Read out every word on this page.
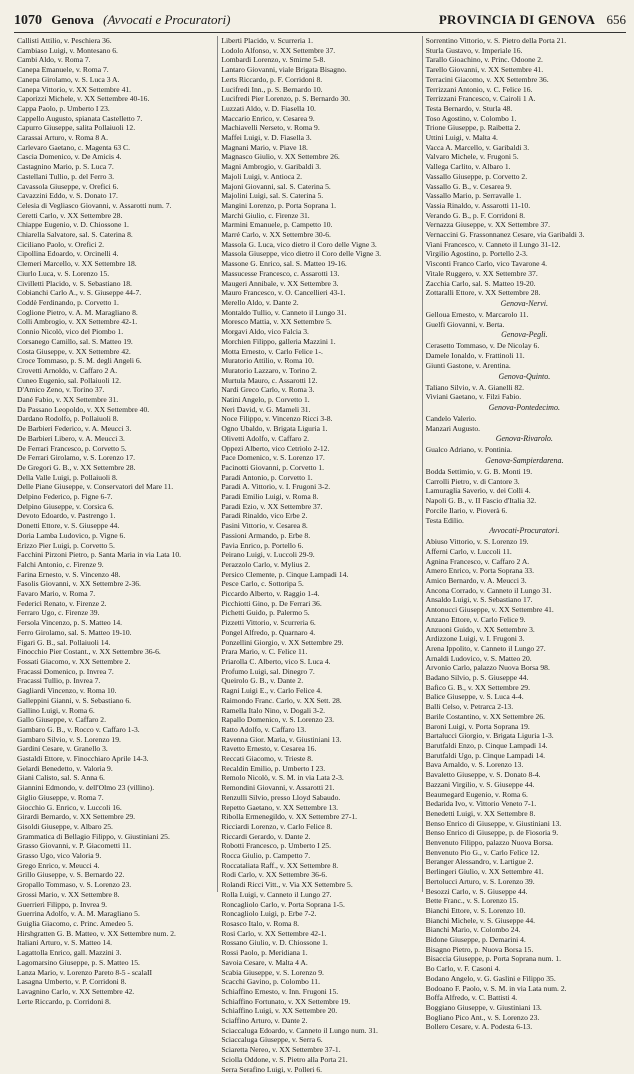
1070 Genova (Avvocati e Procuratori)	PROVINCIA DI GENOVA 656
Callisti Attilio, v. Peschiera 36.
Cambiaso Luigi, v. Montesano 6.
Cambi Aldo, v. Roma 7.
Canepa Emanuele, v. Roma 7.
Canepa Girolamo, v. S. Luca 3 A.
Canepa Vittorio, v. XX Settembre 41.
Caporizzi Michele, v. XX Settembre 40-16.
Cappa Paolo, p. Umberto I 23.
Cappello Augusto, spianata Castelletto 7.
Capurro Giuseppe, salita Pollaiuoli 12.
Carassai Arturo, v. Roma 8 A.
Carlevaro Gaetano, c. Magenta 63 C.
Cascia Domenico, v. De Amicis 4.
Castagnino Mario, p. S. Luca 7.
Castellani Tullio, p. del Ferro 3.
Cavassola Giuseppe, v. Orefici 6.
Cavazzini Eddo, v. S. Donato 17.
Celesia di Vegliasco Giovanni, v. Assarotti num. 7.
Ceretti Carlo, v. XX Settembre 28.
Chiappe Eugenio, v. D. Chiossone 1.
Chiarella Salvatore, sal. S. Caterina 8.
Ciciliano Paolo, v. Orefici 2.
Cipollina Edoardo, v. Orcinelli 4.
Clemeri Marcello, v. XX Settembre 18.
Ciurlo Luca, v. S. Lorenzo 15.
Civilletti Placido, v. S. Sebastiano 18.
Cobianchi Carlo A., v. S. Giuseppe 44-7.
Coddè Ferdinando, p. Corvetto 1.
Coglione Pietro, v. A. M. Maragliano 8.
Colli Ambrogio, v. XX Settembre 42-1.
Connio Nicolò, vico del Piombo 1.
Corsanego Camillo, sal. S. Matteo 19.
Costa Giuseppe, v. XX Settembre 42.
Croce Tommaso, p. S. M. degli Angeli 6.
Crovetti Arnoldo, v. Caffaro 2 A.
Cuneo Eugenio, sal. Pollaiuoli 12.
D'Amico Zeno, v. Torino 37.
Dané Fabio, v. XX Settembre 31.
Da Passano Leopoldo, v. XX Settembre 40.
Dardano Rodolfo, p. Pollaiuoli 8.
De Barbieri Federico, v. A. Meucci 3.
De Barbieri Libero, v. A. Meucci 3.
De Ferrari Francesco, p. Corvetto 5.
De Ferrari Girolamo, v. S. Lorenzo 17.
De Gregori G. B., v. XX Settembre 28.
Della Valle Luigi, p. Pollaiuoli 8.
Delle Piane Giuseppe, v. Conservatori del Mare 11.
Delpino Federico, p. Figne 6-7.
Delpino Giuseppe, v. Corsica 6.
Devoto Edoardo, v. Pastrengo 1.
Donetti Ettore, v. S. Giuseppe 44.
Doria Lamba Ludovico, p. Vigne 6.
Erizzo Pier Luigi, p. Corvetto 5.
Facchini Pirzoni Pietro, p. Santa Maria in via Lata 10.
Falchi Antonio, c. Firenze 9.
Farina Ernesto, v. S. Vincenzo 48.
Fasolis Giovanni, v. XX Settembre 2-36.
Favaro Mario, v. Roma 7.
Federici Renato, v. Firenze 2.
Ferraro Ugo, c. Firenze 39.
Fersola Vincenzo, p. S. Matteo 14.
Ferro Girolamo, sal. S. Matteo 19-10.
Figari G. B., sal. Pollaiuoli 14.
Finocchio Pier Costant., v. XX Settembre 36-6.
Fossati Giacomo, v. XX Settembre 2.
Fracassi Domenico, p. Invrea 7.
Fracassi Tullio, p. Invrea 7.
Gagliardi Vincenzo, v. Roma 10.
Galleppini Gianni, v. S. Sebastiano 6.
Gallino Luigi, v. Roma 6.
Gallo Giuseppe, v. Caffaro 2.
Gambaro G. B., v. Rocco v. Caffaro 1-3.
Gambaro Silvio, v. S. Lorenzo 19.
Gardini Cesare, v. Granello 3.
Gastaldi Ettore, v. Finocchiaro Aprile 14-3.
Gelardi Benedetto, v. Valoria 9.
Giani Calisto, sal. S. Anna 6.
Giannini Edmondo, v. dell'Olmo 23 (villino).
Giglio Giuseppe, v. Roma 7.
Giocchio G. Enrico, v. Luccoli 16.
Girardi Bernardo, v. XX Settembre 29.
Gisoldi Giuseppe, v. Albaro 25.
Grammatica di Bellagio Filippo, v. Giustiniani 25.
Grasso Giovanni, v. P. Giacometti 11.
Grasso Ugo, vico Valoria 9.
Grego Enrico, v. Meucci 4.
Grillo Giuseppe, v. S. Bernardo 22.
Gropallo Tommaso, v. S. Lorenzo 23.
Grossi Mario, v. XX Settembre 8.
Guerrieri Filippo, p. Invrea 9.
Guerrina Adolfo, v. A. M. Maragliano 5.
Guiglia Giacomo, c. Princ. Amedeo 5.
Hirshgratten G. B. Matteo, v. XX Settembre num. 2.
Italiani Arturo, v. S. Matteo 14.
Lagattolla Enrico, gall. Mazzini 3.
Lagomarsino Giuseppe, p. S. Matteo 15.
Lanza Mario, v. Lorenzo Pareto 8-5 - scalaII
Lasagna Umberto, v. P. Corridoni 8.
Lavagnino Carlo, v. XX Settembre 42.
Lerte Riccardo, p. Corridoni 8.
Liberti Placido, v. Scurreria 1.
Lodolo Alfonso, v. XX Settembre 37.
Lombardi Lorenzo, v. Smirne 5-8.
Lantaro Giovanni, viale Brigata Bisagno.
Lerts Riccardo, p. F. Corridoni 8.
Lucifredi Inn., p. S. Bernardo 10.
Lucifredi Pier Lorenzo, p. S. Bernardo 30.
Luzzati Aldo, v. D. Fiasella 10.
Maccario Enrico, v. Cesarea 9.
Machiavelli Nerseto, v. Roma 9.
Maffei Luigi, v. D. Fiasella 3.
Magnani Mario, v. Piave 18.
Magnasco Giulio, v. XX Settembre 26.
Magni Ambrogio, v. Garibaldi 3.
Majoli Luigi, v. Antioca 2.
Majoni Giovanni, sal. S. Caterina 5.
Majolini Luigi, sal. S. Caterina 5.
Mangini Lorenzo, p. Porta Soprana 1.
Marchi Giulio, c. Firenze 31.
Marmini Emanuele, p. Campetto 10.
Marré Carlo, v. XX Settembre 30-6.
Massola G. Luca, vico dietro il Coro delle Vigne 3.
Massola Giuseppe, vico dietro il Coro delle Vigne 3.
Massone G. Enrico, sal. S. Matteo 19-16.
Massucesse Francesco, c. Assarotti 13.
Maugeri Annibale, v. XX Settembre 3.
Mauro Francesco, v. O. Cancellieri 43-1.
Merello Aldo, v. Dante 2.
Montaldo Tullio, v. Canneto il Lungo 31.
Moresco Mattia, v. XX Settembre 5.
Morgavi Aldo, vico Falcia 3.
Morchien Filippo, galleria Mazzini 1.
Motta Ernesto, v. Carlo Felice 1-.
Muratorio Attilio, v. Roma 10.
Muratorio Lazzaro, v. Torino 2.
Murtula Mauro, c. Assarotti 12.
Nardi Greco Carlo, v. Roma 3.
Natini Angelo, p. Corvetto 1.
Neri David, v. G. Mameli 31.
Noce Filippo, v. Vincenzo Ricci 3-8.
Ogno Ubaldo, v. Brigata Liguria 1.
Olivetti Adolfo, v. Caffaro 2.
Oppezi Alberto, vico Cetriolo 2-12.
Pace Domenico, v. S. Lorenzo 17.
Pacinotti Giovanni, p. Corvetto 1.
Paradi Antonio, p. Corvetto 1.
Paradi A. Vittorio, v. I. Frugoni 3-2.
Paradi Emilio Luigi, v. Roma 8.
Paradi Ezio, v. XX Settembre 37.
Paradi Rinaldo, vico Erbe 2.
Pasini Vittorio, v. Cesarea 8.
Passioni Armando, p. Erbe 8.
Pavia Enrico, p. Portello 6.
Peirano Luigi, v. Luccoli 29-9.
Perazzolo Carlo, v. Mylius 2.
Persico Clemente, p. Cinque Lampadi 14.
Pesce Carlo, c. Sottoripa 5.
Piccardo Alberto, v. Raggio 1-4.
Picchiotti Gino, p. De Ferrari 36.
Pichetti Guido, p. Palermo 5.
Pizzetti Vittorio, v. Scurreria 6.
Pongel Alfredo, p. Quarnaro 4.
Ponzellini Giorgio, v. XX Settembre 29.
Prara Mario, v. C. Felice 11.
Priarolla C. Alberto, vico S. Luca 4.
Profumo Luigi, sal. Dinegro 7.
Queirolo G. B., v. Dante 2.
Ragni Luigi E., v. Carlo Felice 4.
Raimondo Franc. Carlo, v. XX Sett. 28.
Ramella Italo Nino, v. Dogali 3-2.
Rapallo Domenico, v. S. Lorenzo 23.
Ratto Adolfo, v. Caffaro 13.
Ravenna Gior. Maria, v. Giustiniani 13.
Ravetto Ernesto, v. Cesarea 16.
Reccati Giacomo, v. Trieste 8.
Recaldin Emilio, p. Umberto I 23.
Remolo Nicolò, v. S. M. in via Lata 2-3.
Remondini Giovanni, v. Assarotti 21.
Renzulli Silvio, presso Lloyd Sabaudo.
Repetto Gaetano, v. XX Settembre 13.
Ribolla Ermenegildo, v. XX Settembre 27-1.
Ricciardi Lorenzo, v. Carlo Felice 8.
Riccardi Gerardo, v. Dante 2.
Robotti Francesco, p. Umberto I 25.
Rocca Giulio, p. Campetto 7.
Roccataliata Raff., v. XX Settembre 8.
Rodi Carlo, v. XX Settembre 36-6.
Rolandi Ricci Vitt., v. Via XX Settembre 5.
Rolla Luigi, v. Canneto il Lungo 27.
Roncagliolo Carlo, v. Porta Soprana 1-5.
Roncagliolo Luigi, p. Erbe 7-2.
Rosasco Italo, v. Roma 8.
Rosi Carlo, v. XX Settembre 42-1.
Rossano Giulio, v. D. Chiossone 1.
Rossi Paolo, p. Meridiana 1.
Savoia Cesare, v. Malta 4 A.
Scabia Giuseppe, v. S. Lorenzo 9.
Scacchi Gavino, p. Colombo 11.
Schiaffino Ernesto, v. Inn. Frugoni 15.
Schiaffino Fortunato, v. XX Settembre 19.
Schiaffino Luigi, v. XX Settembre 20.
Sciaffino Arturo, v. Dante 2.
Sciaccaluga Edoardo, v. Canneto il Lungo num. 31.
Sciaccaluga Giuseppe, v. Serra 6.
Sciaretta Nereo, v. XX Settembre 37-1.
Sciolla Oddone, v. S. Pietro alla Porta 21.
Serra Serafino Luigi, v. Polleri 6.
Sorrentino Vittorio, v. S. Pietro della Porta 21.
Sturla Gustavo, v. Imperiale 16.
Tarallo Gioachino, v. Princ. Odoone 2.
Tarello Giovanni, v. XX Settembre 41.
Terracini Giacomo, v. XX Settembre 36.
Terrizzani Antonio, v. C. Felice 16.
Terrizzani Francesco, v. Cairoli 1 A.
Testa Bernardo, v. Sturla 48.
Toso Agostino, v. Colombo 1.
Trione Giuseppe, p. Raibetta 2.
Uttini Luigi, v. Malta 4.
Vacca A. Marcello, v. Garibaldi 3.
Valvaro Michele, v. Frugoni 5.
Vallega Carlito, v. Albaro 1.
Vassallo Giuseppe, p. Corvetto 2.
Vassallo G. B., v. Cesarea 9.
Vassallo Mario, p. Serravalle 1.
Vassia Rinaldo, v. Assarotti 11-10.
Verando G. B., p. F. Corridoni 8.
Vernazza Giuseppe, v. XX Settembre 37.
Vernaccini G. Frassonnanez Cesare, via Garibaldi 3.
Viani Francesco, v. Canneto il Lungo 31-12.
Virgilio Agostino, p. Portello 2-3.
Visconti Franco Carlo, vico Tavarone 4.
Vitale Ruggero, v. XX Settembre 37.
Zacchia Carlo, sal. S. Matteo 19-20.
Zottaralli Ettore, v. XX Settembre 28.
Genova-Nervi.
Gelloua Ernesto, v. Marcarolo 11.
Guelfi Giovanni, v. Berta.
Genova-Pegli.
Cerasetto Tommaso, v. De Nicolay 6.
Damele Ionaldo, v. Frattinoli 11.
Giunti Gastone, v. Arentina.
Genova-Quinto.
Taliano Silvio, v. A. Gianelli 82.
Viviani Gaetano, v. Filzi Fabio.
Genova-Pontedecimo.
Candelo Valerio.
Manzari Augusto.
Genova-Rivarolo.
Gualco Adriano, v. Pontinia.
Genova-Sampierdarena.
Bodda Settimio, v. G. B. Monti 19.
Carrolli Pietro, v. di Cantore 3.
Lamuraglia Saverio, v. dei Colli 4.
Napoli G. B., v. II Fascio d'Italia 32.
Porcile Ilario, v. Pioverà 6.
Testa Edilio.
Avvocati-Procuratori.
Abiuso Vittorio, v. S. Lorenzo 19.
Afferni Carlo, v. Luccoli 11.
Agnina Francesco, v. Caffaro 2 A.
Amero Enrico, v. Porta Soprana 33.
Amico Bernardo, v. A. Meucci 3.
Ancona Corrado, v. Canneto il Lungo 31.
Ansaldo Luigi, v. S. Sebastiano 17.
Antonucci Giuseppe, v. XX Settembre 41.
Anzano Ettore, v. Carlo Felice 9.
Anzuoni Guido, v. XX Settembre 3.
Ardizzone Luigi, v. I. Frugoni 3.
Arena Ippolito, v. Canneto il Lungo 27.
Arnaldi Ludovico, v. S. Matteo 20.
Arvonio Carlo, palazzo Nuova Borsa 98.
Badano Silvio, p. S. Giuseppe 44.
Bafico G. B., v. XX Settembre 29.
Balice Giuseppe, v. S. Luca 4-4.
Balli Celso, v. Petrarca 2-13.
Barile Costantino, v. XX Settembre 26.
Baroni Luigi, v. Porta Soprana 19.
Bartalucci Giorgio, v. Brigata Liguria 1-3.
Barutfaldi Enzo, p. Cinque Lampadi 14.
Barutfaldi Ugo, p. Cinque Lampadi 14.
Bava Arnaldo, v. S. Lorenzo 13.
Bavaletto Giuseppe, v. S. Donato 8-4.
Bazzani Virgilio, v. S. Giuseppe 44.
Beaumegard Eugenio, v. Roma 6.
Bedarida Ivo, v. Vittorio Veneto 7-1.
Benedetti Luigi, v. XX Settembre 8.
Benso Enrico di Giuseppe, v. Giustiniani 13.
Benso Enrico di Giuseppe, p. de Fiosoria 9.
Benvenuto Filippo, palazzo Nuova Borsa.
Benvenuto Pio G., v. Carlo Felice 12.
Beranger Alessandro, v. Lartigue 2.
Berlingeri Giulio, v. XX Settembre 41.
Bertolucci Arturo, v. S. Lorenzo 39.
Besozzi Carlo, v. S. Giuseppe 44.
Bette Franc., v. S. Lorenzo 15.
Bianchi Ettore, v. S. Lorenzo 10.
Bianchi Michele, v. S. Giuseppe 44.
Bianchi Mario, v. Colombo 24.
Bidone Giuseppe, p. Demarini 4.
Bisagno Pietro, p. Nuova Borsa 15.
Bisaccia Giuseppe, p. Porta Soprana num. 1.
Bo Carlo, v. F. Casoni 4.
Bodano Angelo, v. G. Gaslini e Filippo 35.
Bodoano F. Paolo, v. S. M. in via Lata num. 2.
Boffa Alfredo, v. C. Battisti 4.
Boggiano Giuseppe, v. Giustiniani 13.
Bogliano Pico Ant., v. S. Lorenzo 23.
Bollero Cesare, v. A. Podesta 6-13.
